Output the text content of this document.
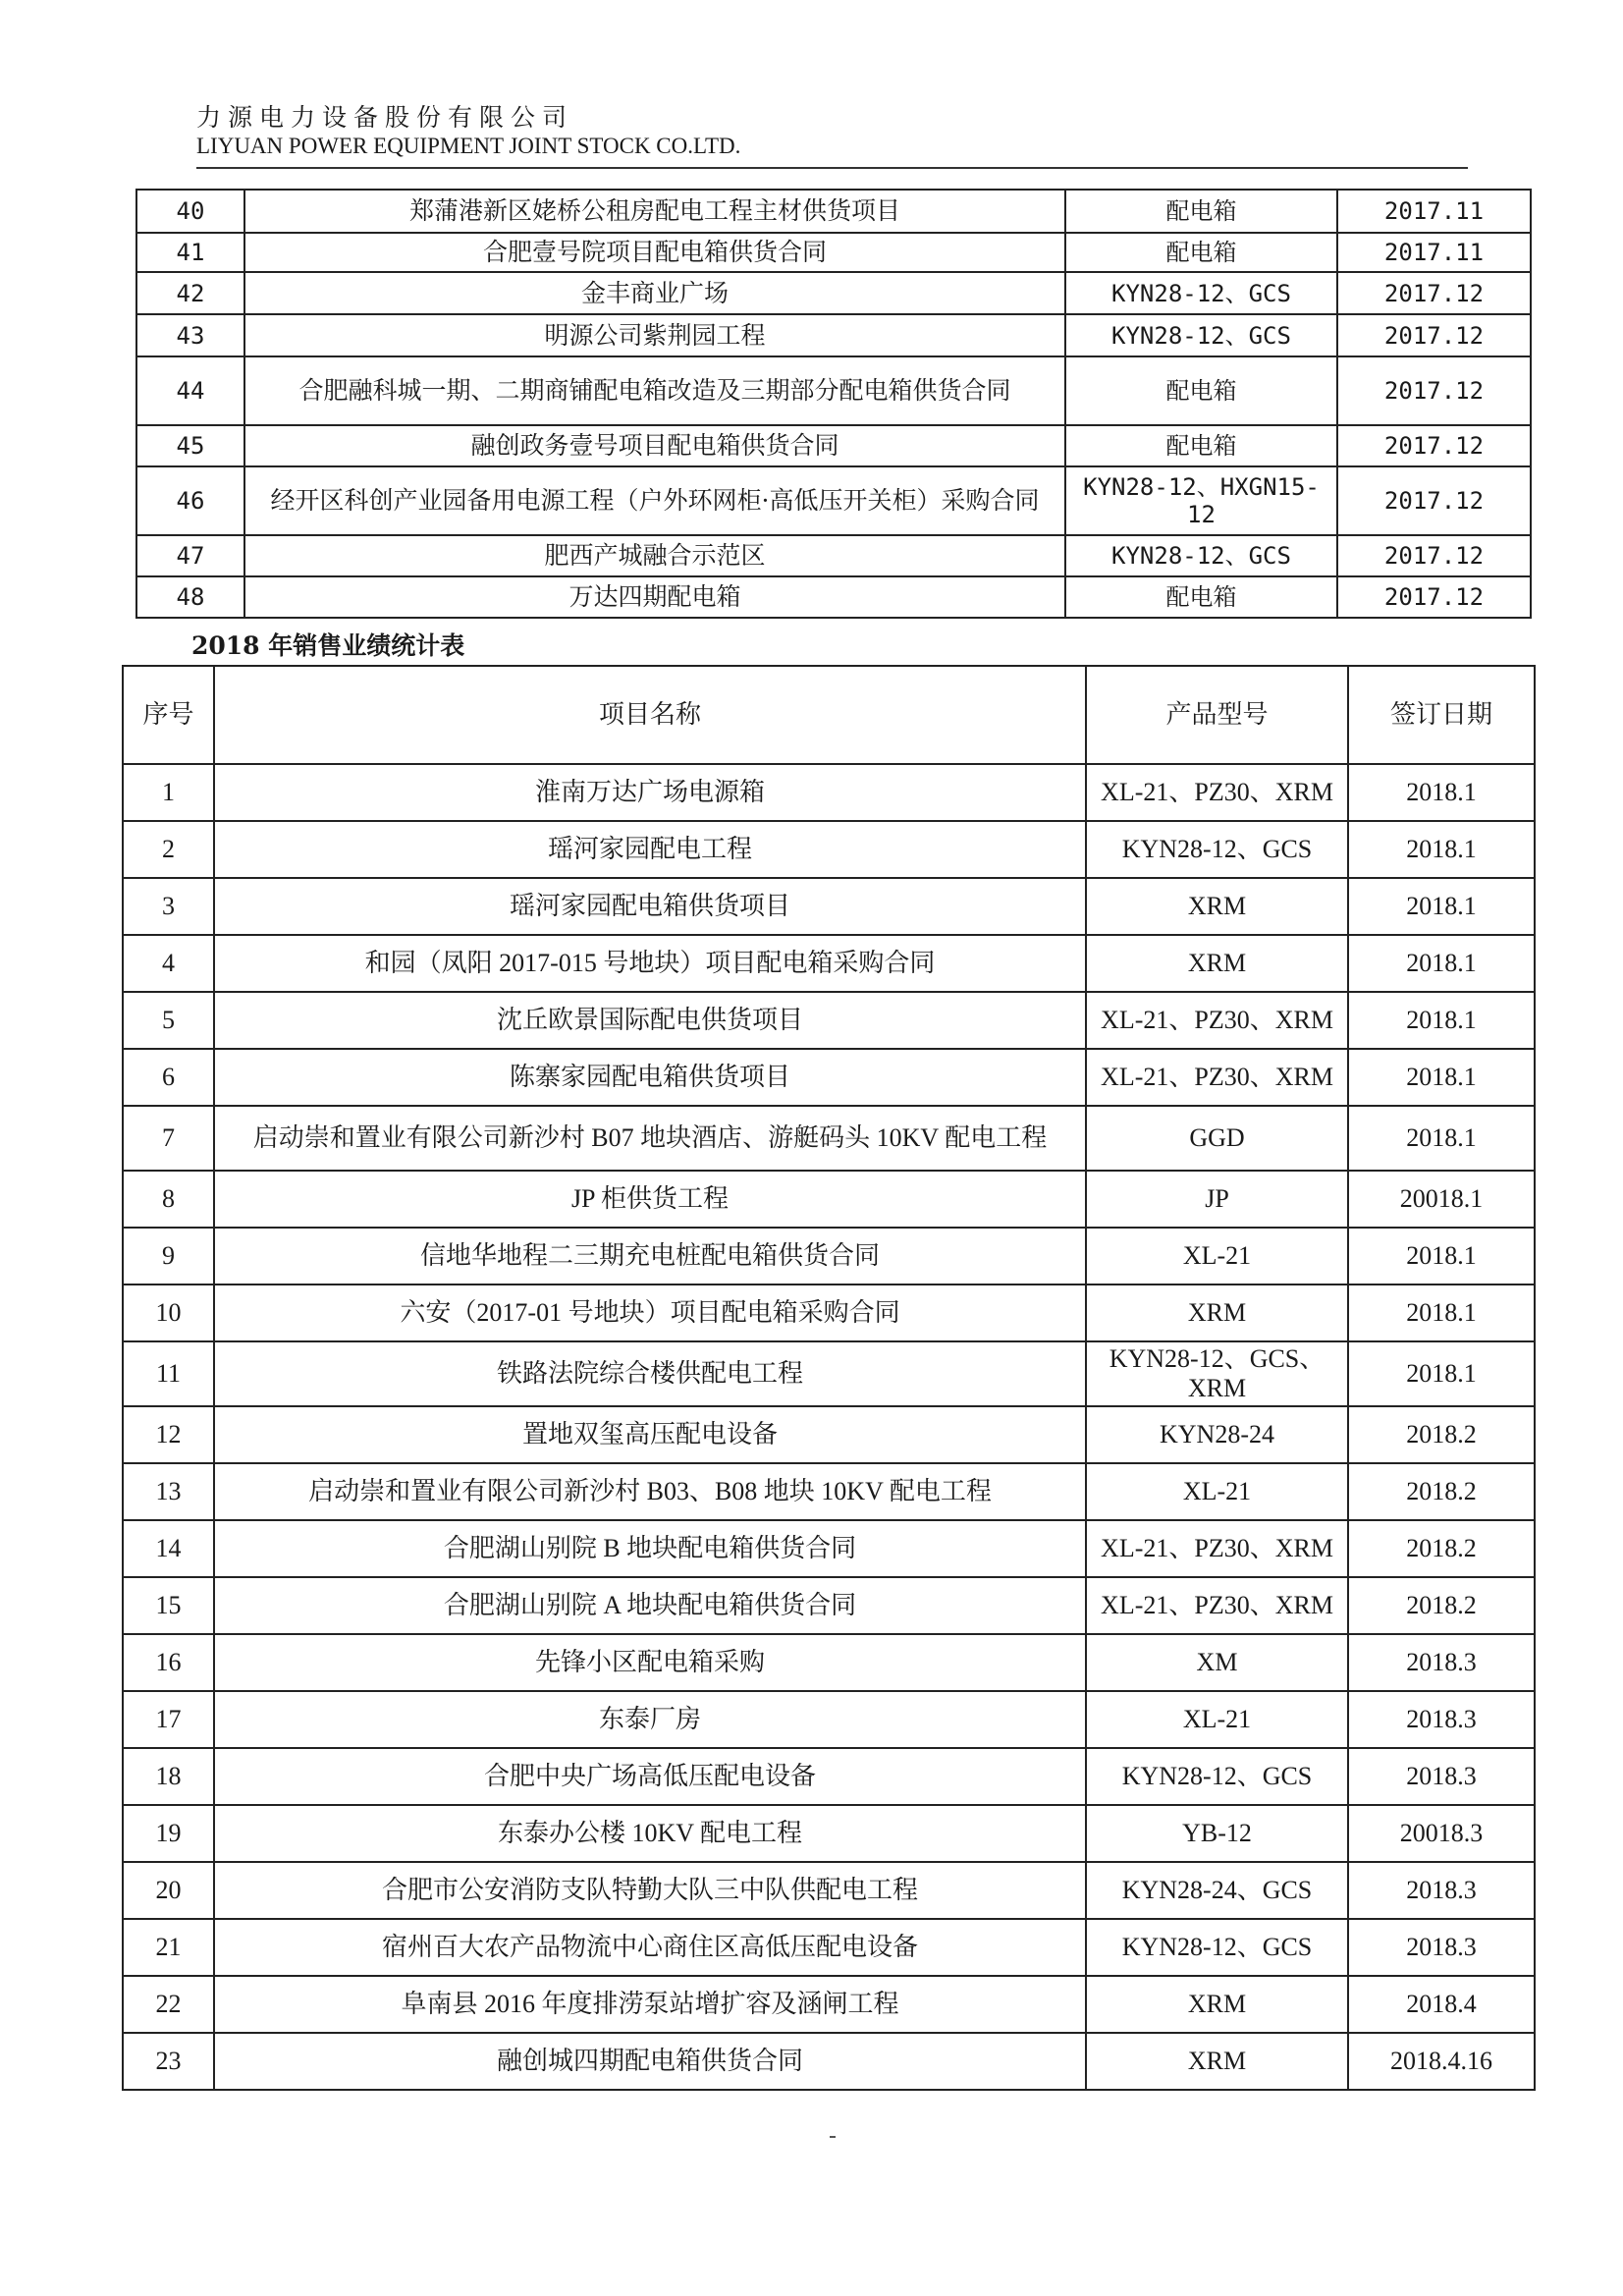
力源电力设备股份有限公司
LIYUAN POWER EQUIPMENT JOINT STOCK CO.LTD.
40	郑蒲港新区姥桥公租房配电工程主材供货项目	配电箱	2017.11
41	合肥壹号院项目配电箱供货合同	配电箱	2017.11
42	金丰商业广场	KYN28-12、GCS	2017.12
43	明源公司紫荆园工程	KYN28-12、GCS	2017.12
44	合肥融科城一期、二期商铺配电箱改造及三期部分配电箱供货合同	配电箱	2017.12
45	融创政务壹号项目配电箱供货合同	配电箱	2017.12
46	经开区科创产业园备用电源工程（户外环网柜·高低压开关柜）采购合同	KYN28-12、HXGN15-12	2017.12
47	肥西产城融合示范区	KYN28-12、GCS	2017.12
48	万达四期配电箱	配电箱	2017.12
2018 年销售业绩统计表
序号	项目名称	产品型号	签订日期
1	淮南万达广场电源箱	XL-21、PZ30、XRM	2018.1
2	瑶河家园配电工程	KYN28-12、GCS	2018.1
3	瑶河家园配电箱供货项目	XRM	2018.1
4	和园（凤阳 2017-015 号地块）项目配电箱采购合同	XRM	2018.1
5	沈丘欧景国际配电供货项目	XL-21、PZ30、XRM	2018.1
6	陈寨家园配电箱供货项目	XL-21、PZ30、XRM	2018.1
7	启动崇和置业有限公司新沙村 B07 地块酒店、游艇码头 10KV 配电工程	GGD	2018.1
8	JP 柜供货工程	JP	20018.1
9	信地华地程二三期充电桩配电箱供货合同	XL-21	2018.1
10	六安（2017-01 号地块）项目配电箱采购合同	XRM	2018.1
11	铁路法院综合楼供配电工程	KYN28-12、GCS、XRM	2018.1
12	置地双玺高压配电设备	KYN28-24	2018.2
13	启动崇和置业有限公司新沙村 B03、B08 地块 10KV 配电工程	XL-21	2018.2
14	合肥湖山别院 B 地块配电箱供货合同	XL-21、PZ30、XRM	2018.2
15	合肥湖山别院 A 地块配电箱供货合同	XL-21、PZ30、XRM	2018.2
16	先锋小区配电箱采购	XM	2018.3
17	东泰厂房	XL-21	2018.3
18	合肥中央广场高低压配电设备	KYN28-12、GCS	2018.3
19	东泰办公楼 10KV 配电工程	YB-12	20018.3
20	合肥市公安消防支队特勤大队三中队供配电工程	KYN28-24、GCS	2018.3
21	宿州百大农产品物流中心商住区高低压配电设备	KYN28-12、GCS	2018.3
22	阜南县 2016 年度排涝泵站增扩容及涵闸工程	XRM	2018.4
23	融创城四期配电箱供货合同	XRM	2018.4.16
